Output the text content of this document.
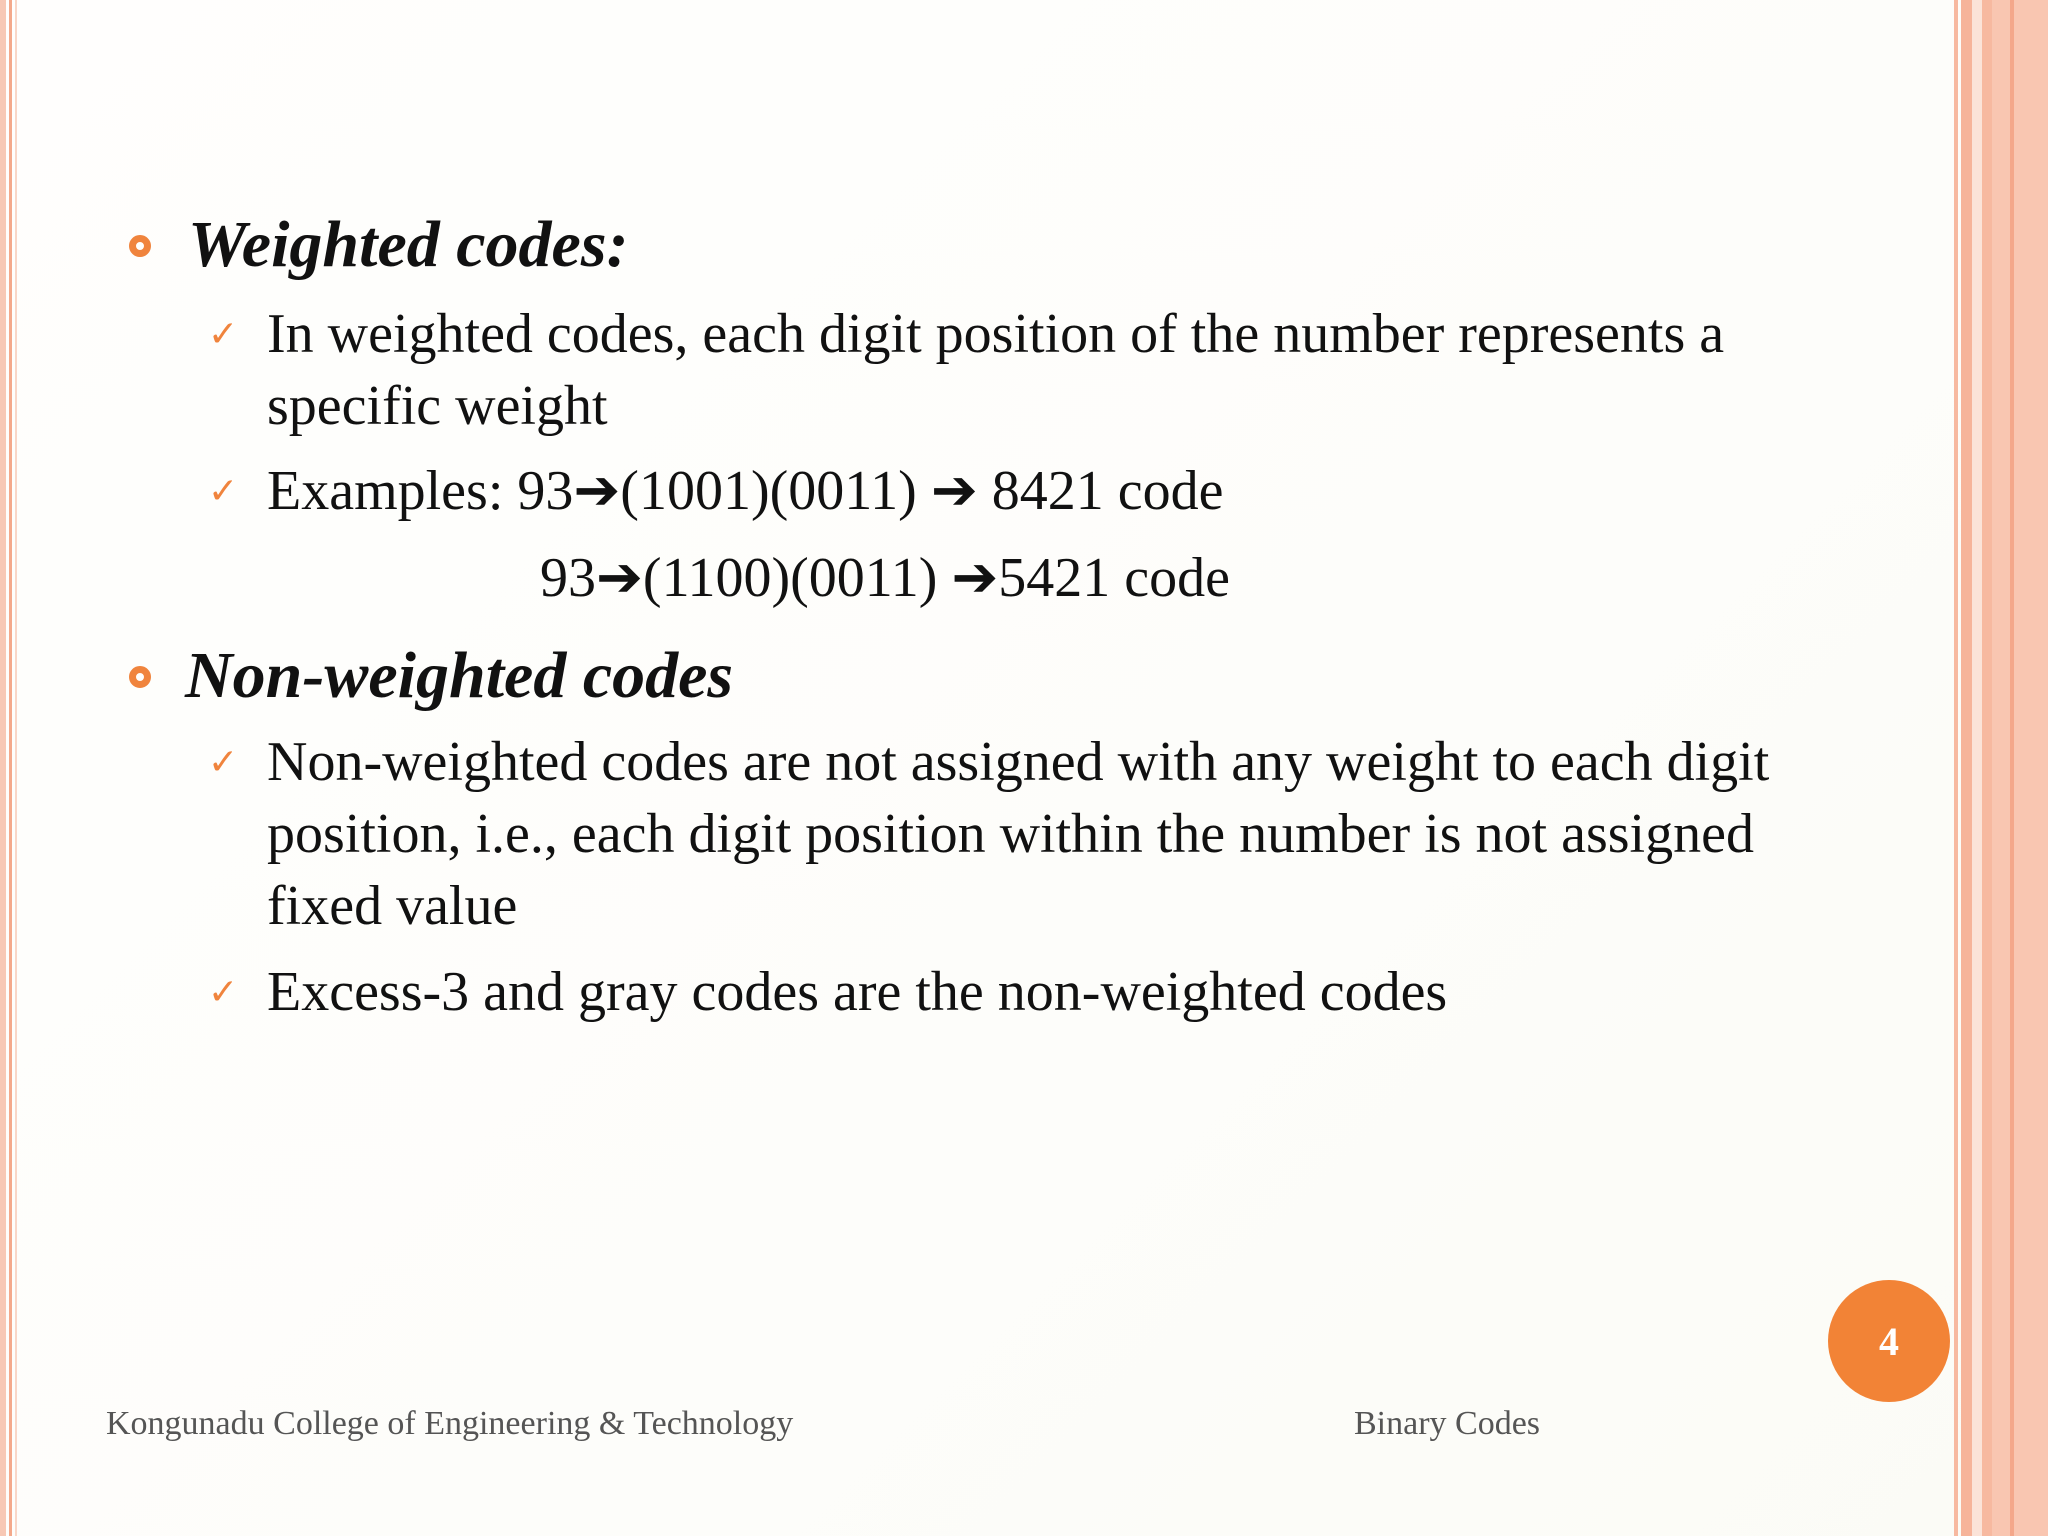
Weighted codes:
✓ In weighted codes, each digit position of the number represents a
specific weight
✓ Examples: 93➔(1001)(0011) ➔ 8421 code
93➔(1100)(0011) ➔5421 code
Non-weighted codes
✓ Non-weighted codes are not assigned with any weight to each digit
position, i.e., each digit position within the number is not assigned
fixed value
✓ Excess-3 and gray codes are the non-weighted codes
Kongunadu College of Engineering & Technology	Binary Codes
4
